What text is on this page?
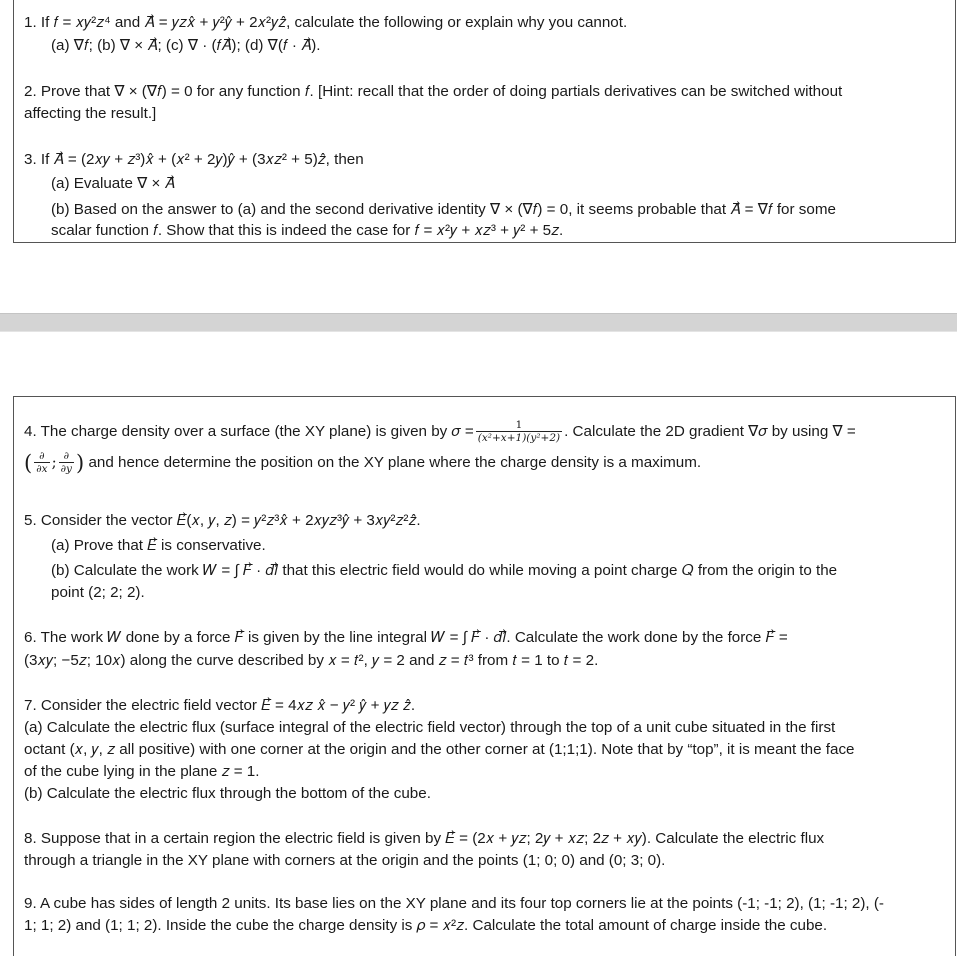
1. If 𝑓 = 𝑥𝑦²𝑧⁴ and 𝐴⃗ = 𝑦𝑧𝑥̂ + 𝑦²𝑦̂ + 2𝑥²𝑦𝑧̂, calculate the following or explain why you cannot.
(a) ∇𝑓; (b) ∇ × 𝐴⃗; (c) ∇ · (𝑓𝐴⃗); (d) ∇(𝑓 · 𝐴⃗).
2. Prove that ∇ × (∇𝑓) = 0 for any function 𝑓. [Hint: recall that the order of doing partials derivatives can be switched without
affecting the result.]
3. If 𝐴⃗ = (2𝑥𝑦 + 𝑧³)𝑥̂ + (𝑥² + 2𝑦)𝑦̂ + (3𝑥𝑧² + 5)𝑧̂, then
(a) Evaluate ∇ × 𝐴⃗
(b) Based on the answer to (a) and the second derivative identity ∇ × (∇𝑓) = 0, it seems probable that 𝐴⃗ = ∇𝑓 for some
scalar function 𝑓. Show that this is indeed the case for 𝑓 = 𝑥²𝑦 + 𝑥𝑧³ + 𝑦² + 5𝑧.
4. The charge density over a surface (the XY plane) is given by 𝜎 = $\frac{1}{\text{(𝑥²+𝑥+1)(𝑦²+2)}}$ . Calculate the 2D gradient ∇𝜎 by using ∇ =
( $\frac{\partial}{\text{∂𝑥}}$ ; $\frac{\partial}{\text{∂𝑦}}$ ) and hence determine the position on the XY plane where the charge density is a maximum.
5. Consider the vector 𝐸⃗(𝑥, 𝑦, 𝑧) = 𝑦²𝑧³𝑥̂ + 2𝑥𝑦𝑧³𝑦̂ + 3𝑥𝑦²𝑧²𝑧̂.
(a) Prove that 𝐸⃗ is conservative.
(b) Calculate the work 𝑊 = ∫ 𝐹⃗ · 𝑑𝑙⃗ that this electric field would do while moving a point charge 𝑄 from the origin to the
point (2; 2; 2).
6. The work 𝑊 done by a force 𝐹⃗ is given by the line integral 𝑊 = ∫ 𝐹⃗ · 𝑑𝑙⃗. Calculate the work done by the force 𝐹⃗ =
(3𝑥𝑦; −5𝑧; 10𝑥) along the curve described by 𝑥 = 𝑡², 𝑦 = 2 and 𝑧 = 𝑡³ from 𝑡 = 1 to 𝑡 = 2.
7. Consider the electric field vector 𝐸⃗ = 4𝑥𝑧 𝑥̂ − 𝑦² 𝑦̂ + 𝑦𝑧 𝑧̂.
(a) Calculate the electric flux (surface integral of the electric field vector) through the top of a unit cube situated in the first
octant (𝑥, 𝑦, 𝑧 all positive) with one corner at the origin and the other corner at (1;1;1). Note that by “top”, it is meant the face
of the cube lying in the plane 𝑧 = 1.
(b) Calculate the electric flux through the bottom of the cube.
8. Suppose that in a certain region the electric field is given by 𝐸⃗ = (2𝑥 + 𝑦𝑧; 2𝑦 + 𝑥𝑧; 2𝑧 + 𝑥𝑦). Calculate the electric flux
through a triangle in the XY plane with corners at the origin and the points (1; 0; 0) and (0; 3; 0).
9. A cube has sides of length 2 units. Its base lies on the XY plane and its four top corners lie at the points (-1; -1; 2), (1; -1; 2), (-
1; 1; 2) and (1; 1; 2). Inside the cube the charge density is 𝜌 = 𝑥²𝑧. Calculate the total amount of charge inside the cube.
